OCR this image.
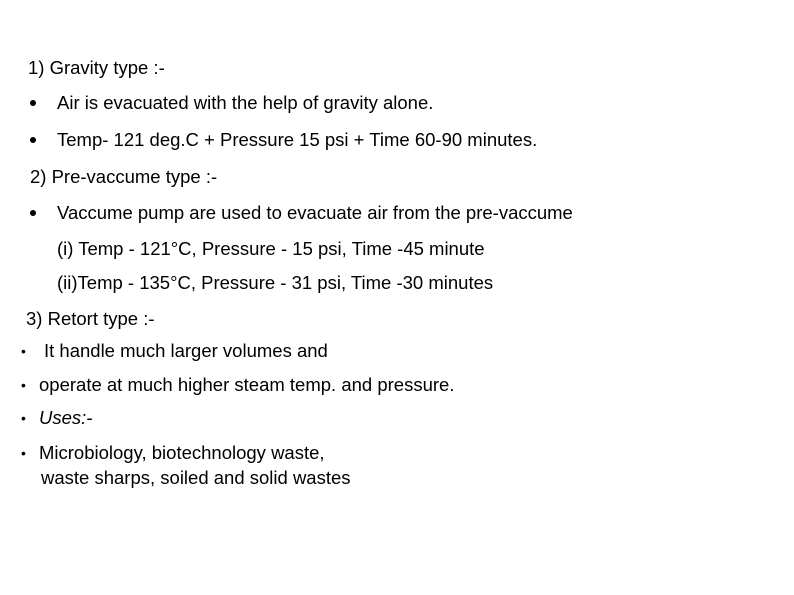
1) Gravity type :-
Air is evacuated with the help of gravity alone.
Temp- 121 deg.C + Pressure 15 psi + Time 60-90 minutes.
2) Pre-vaccume type :-
Vaccume pump are used to evacuate air from the pre-vaccume
(i) Temp - 121°C, Pressure - 15 psi, Time -45 minute
(ii)Temp - 135°C, Pressure - 31 psi, Time -30 minutes
3) Retort type :-
• It handle much larger volumes and
• operate at much higher steam temp. and pressure.
• Uses:-
• Microbiology, biotechnology waste,
waste sharps, soiled and solid wastes
